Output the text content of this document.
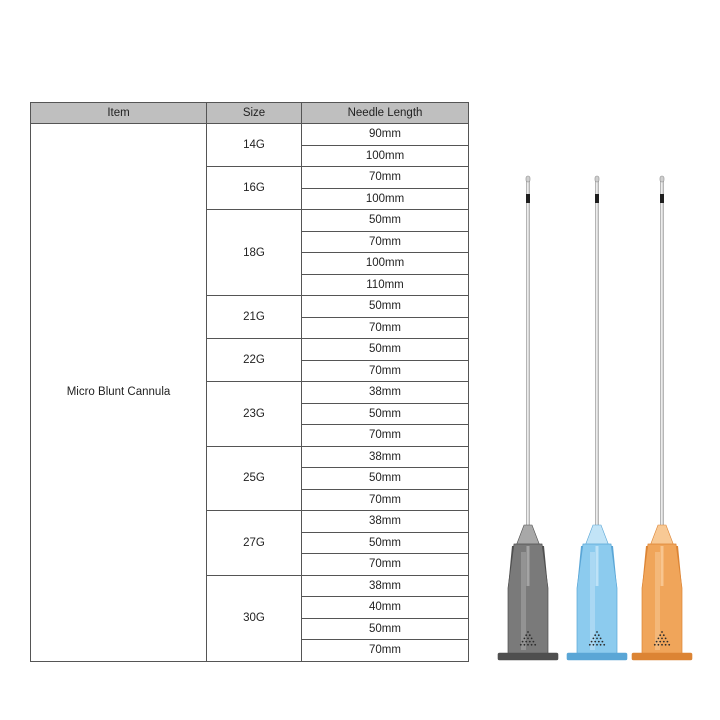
Item	Size	Needle Length
Micro Blunt Cannula	14G	90mm
		100mm
	16G	70mm
		100mm
	18G	50mm
		70mm
		100mm
		110mm
	21G	50mm
		70mm
	22G	50mm
		70mm
	23G	38mm
		50mm
		70mm
	25G	38mm
		50mm
		70mm
	27G	38mm
		50mm
		70mm
	30G	38mm
		40mm
		50mm
		70mm
